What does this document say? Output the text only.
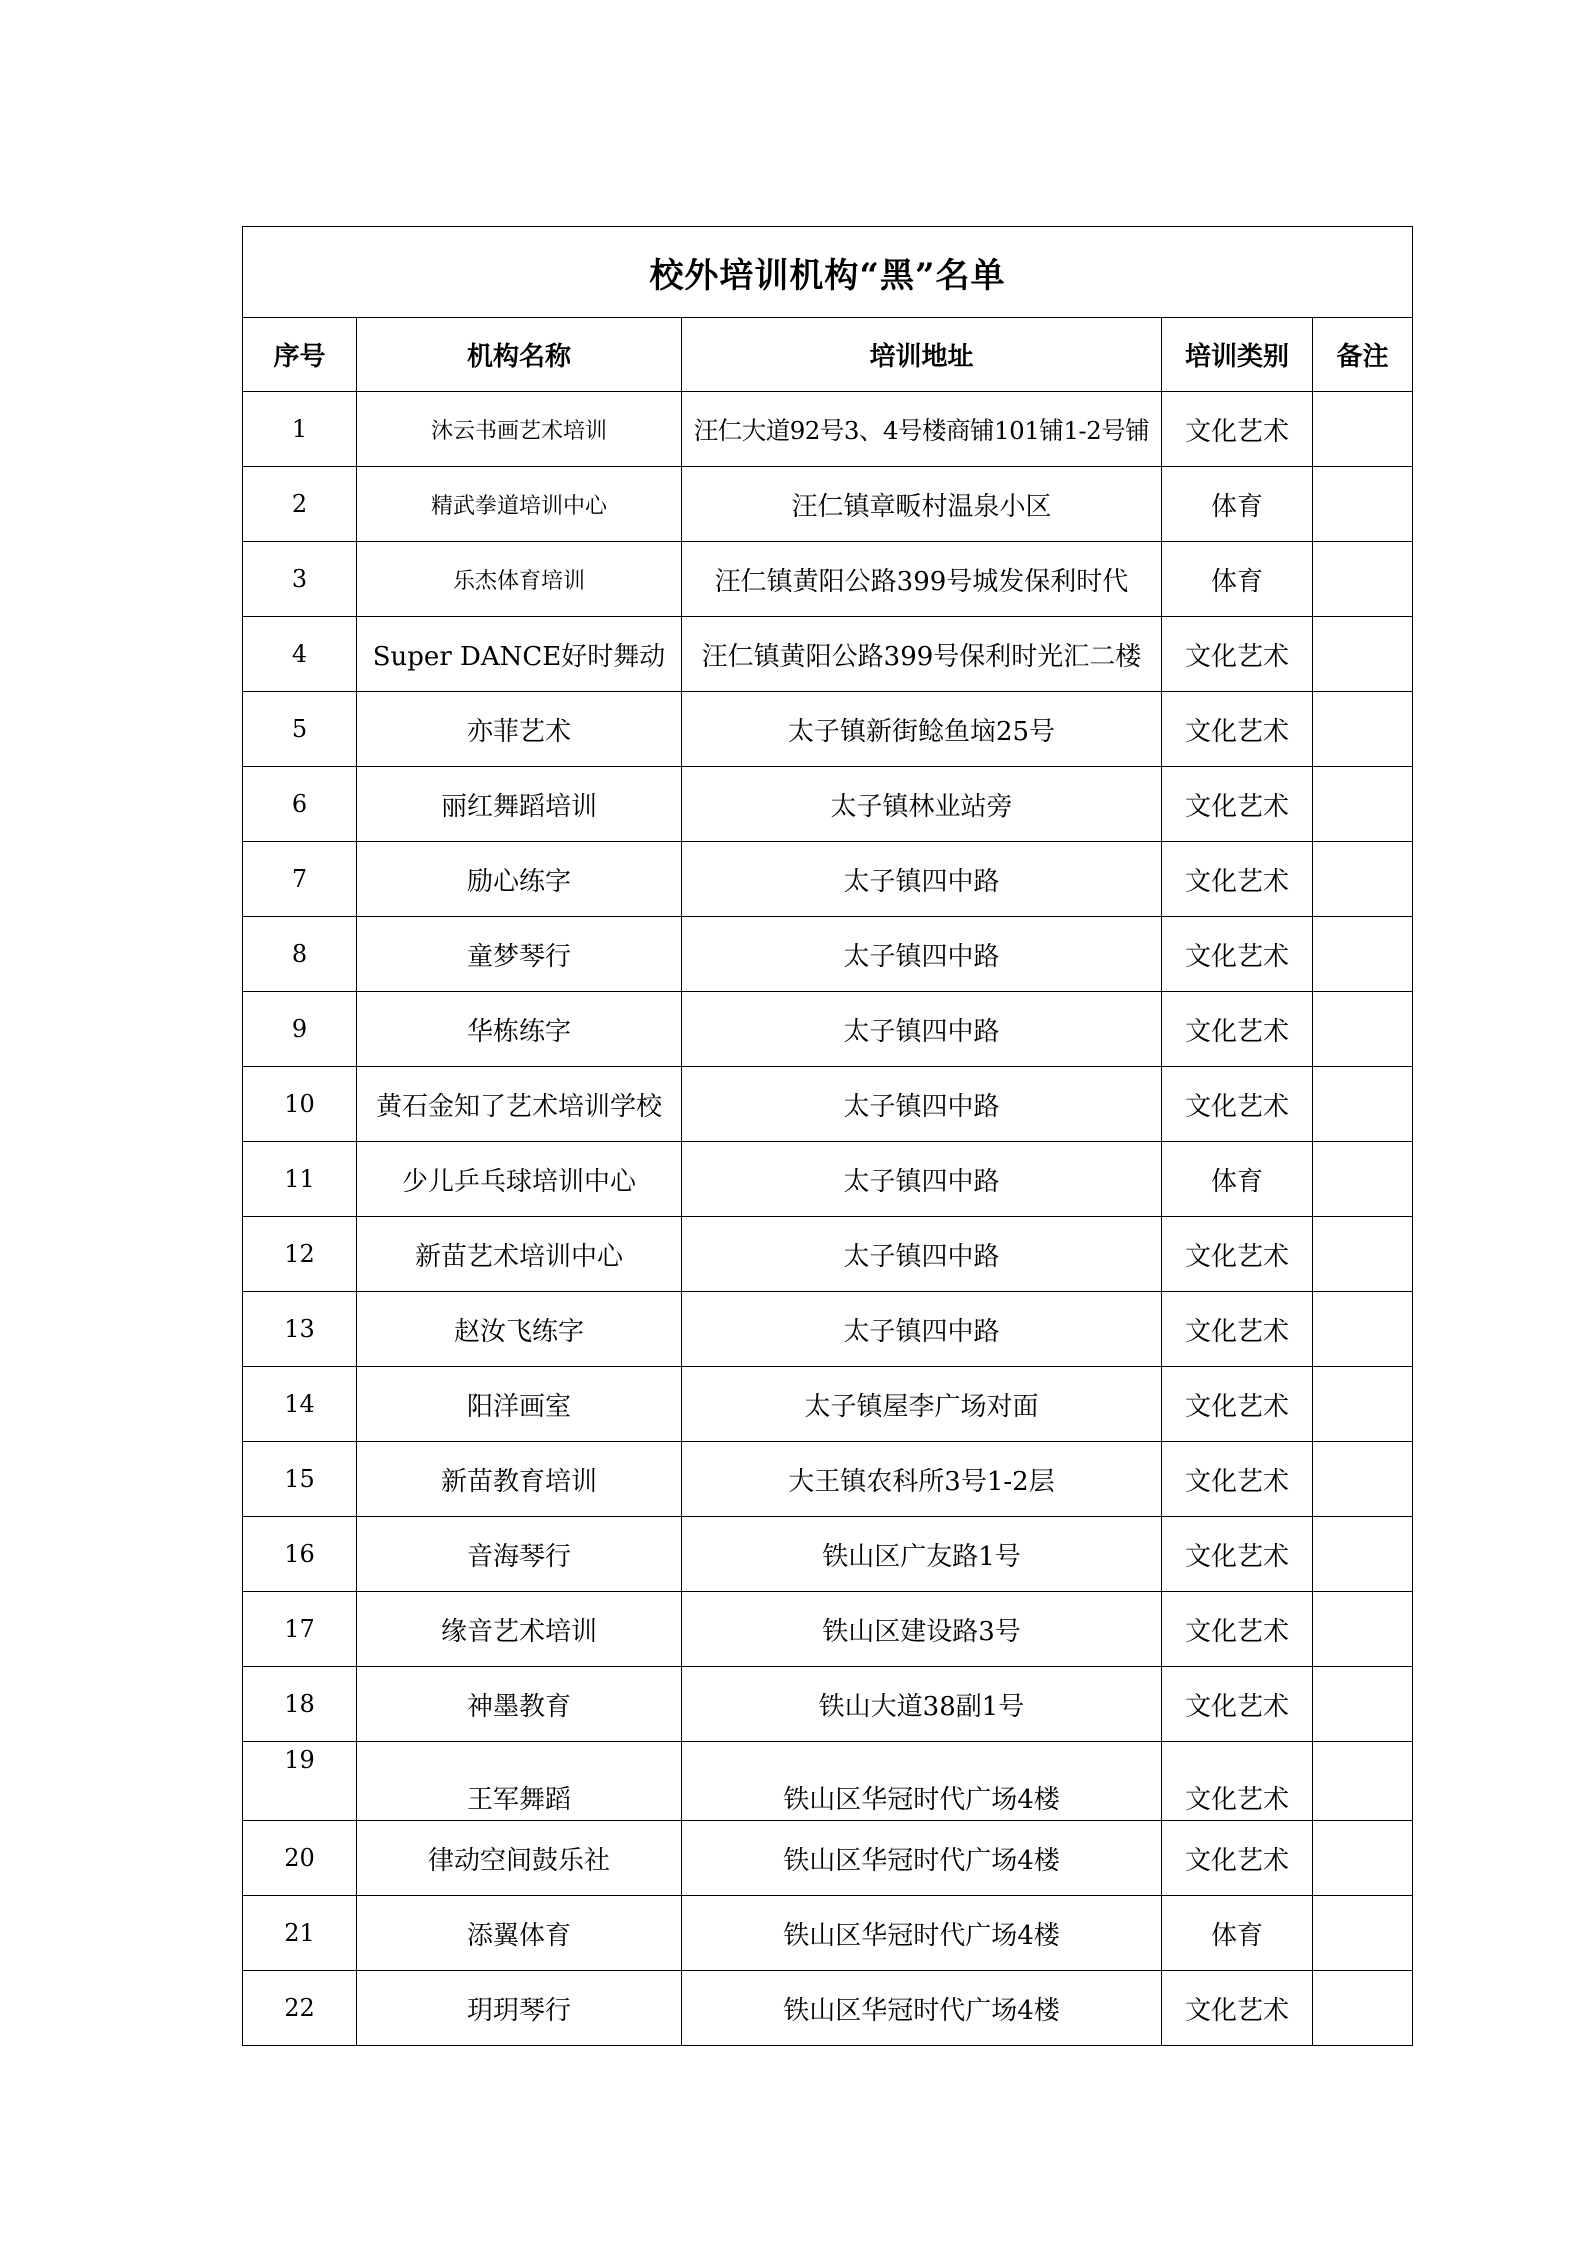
校外培训机构“黑”名单				
序号	机构名称	培训地址	培训类别	备注
1	沐云书画艺术培训	汪仁大道92号3、4号楼商铺101铺1-2号铺	文化艺术	
2	精武拳道培训中心	汪仁镇章畈村温泉小区	体育	
3	乐杰体育培训	汪仁镇黄阳公路399号城发保利时代	体育	
4	Super DANCE好时舞动	汪仁镇黄阳公路399号保利时光汇二楼	文化艺术	
5	亦菲艺术	太子镇新街鲶鱼垴25号	文化艺术	
6	丽红舞蹈培训	太子镇林业站旁	文化艺术	
7	励心练字	太子镇四中路	文化艺术	
8	童梦琴行	太子镇四中路	文化艺术	
9	华栋练字	太子镇四中路	文化艺术	
10	黄石金知了艺术培训学校	太子镇四中路	文化艺术	
11	少儿乒乓球培训中心	太子镇四中路	体育	
12	新苗艺术培训中心	太子镇四中路	文化艺术	
13	赵汝飞练字	太子镇四中路	文化艺术	
14	阳洋画室	太子镇屋李广场对面	文化艺术	
15	新苗教育培训	大王镇农科所3号1-2层	文化艺术	
16	音海琴行	铁山区广友路1号	文化艺术	
17	缘音艺术培训	铁山区建设路3号	文化艺术	
18	神墨教育	铁山大道38副1号	文化艺术	
19	王军舞蹈	铁山区华冠时代广场4楼	文化艺术	
20	律动空间鼓乐社	铁山区华冠时代广场4楼	文化艺术	
21	添翼体育	铁山区华冠时代广场4楼	体育	
22	玥玥琴行	铁山区华冠时代广场4楼	文化艺术	
